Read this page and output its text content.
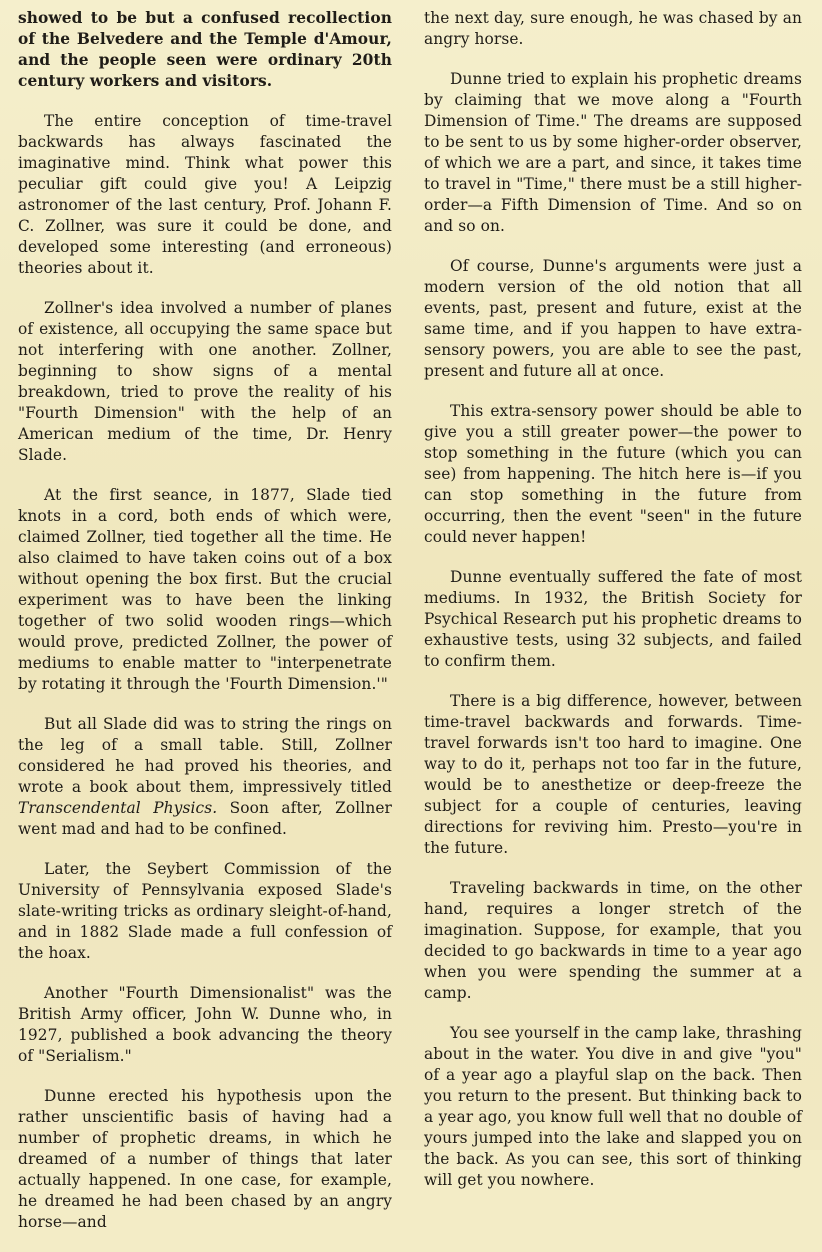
showed to be but a confused recollection of the Belvedere and the Temple d'Amour, and the people seen were ordinary 20th century workers and visitors.

The entire conception of time-travel backwards has always fascinated the imaginative mind. Think what power this peculiar gift could give you! A Leipzig astronomer of the last century, Prof. Johann F. C. Zollner, was sure it could be done, and developed some interesting (and erroneous) theories about it.

Zollner's idea involved a number of planes of existence, all occupying the same space but not interfering with one another. Zollner, beginning to show signs of a mental breakdown, tried to prove the reality of his "Fourth Dimension" with the help of an American medium of the time, Dr. Henry Slade.

At the first seance, in 1877, Slade tied knots in a cord, both ends of which were, claimed Zollner, tied together all the time. He also claimed to have taken coins out of a box without opening the box first. But the crucial experiment was to have been the linking together of two solid wooden rings—which would prove, predicted Zollner, the power of mediums to enable matter to "interpenetrate by rotating it through the 'Fourth Dimension.'"

But all Slade did was to string the rings on the leg of a small table. Still, Zollner considered he had proved his theories, and wrote a book about them, impressively titled Transcendental Physics. Soon after, Zollner went mad and had to be confined.

Later, the Seybert Commission of the University of Pennsylvania exposed Slade's slate-writing tricks as ordinary sleight-of-hand, and in 1882 Slade made a full confession of the hoax.

Another "Fourth Dimensionalist" was the British Army officer, John W. Dunne who, in 1927, published a book advancing the theory of "Serialism."

Dunne erected his hypothesis upon the rather unscientific basis of having had a number of prophetic dreams, in which he dreamed of a number of things that later actually happened. In one case, for example, he dreamed he had been chased by an angry horse—and

the next day, sure enough, he was chased by an angry horse.

Dunne tried to explain his prophetic dreams by claiming that we move along a "Fourth Dimension of Time." The dreams are supposed to be sent to us by some higher-order observer, of which we are a part, and since, it takes time to travel in "Time," there must be a still higher-order—a Fifth Dimension of Time. And so on and so on.

Of course, Dunne's arguments were just a modern version of the old notion that all events, past, present and future, exist at the same time, and if you happen to have extra-sensory powers, you are able to see the past, present and future all at once.

This extra-sensory power should be able to give you a still greater power—the power to stop something in the future (which you can see) from happening. The hitch here is—if you can stop something in the future from occurring, then the event "seen" in the future could never happen!

Dunne eventually suffered the fate of most mediums. In 1932, the British Society for Psychical Research put his prophetic dreams to exhaustive tests, using 32 subjects, and failed to confirm them.

There is a big difference, however, between time-travel backwards and forwards. Time-travel forwards isn't too hard to imagine. One way to do it, perhaps not too far in the future, would be to anesthetize or deep-freeze the subject for a couple of centuries, leaving directions for reviving him. Presto—you're in the future.

Traveling backwards in time, on the other hand, requires a longer stretch of the imagination. Suppose, for example, that you decided to go backwards in time to a year ago when you were spending the summer at a camp.

You see yourself in the camp lake, thrashing about in the water. You dive in and give "you" of a year ago a playful slap on the back. Then you return to the present. But thinking back to a year ago, you know full well that no double of yours jumped into the lake and slapped you on the back. As you can see, this sort of thinking will get you nowhere.
